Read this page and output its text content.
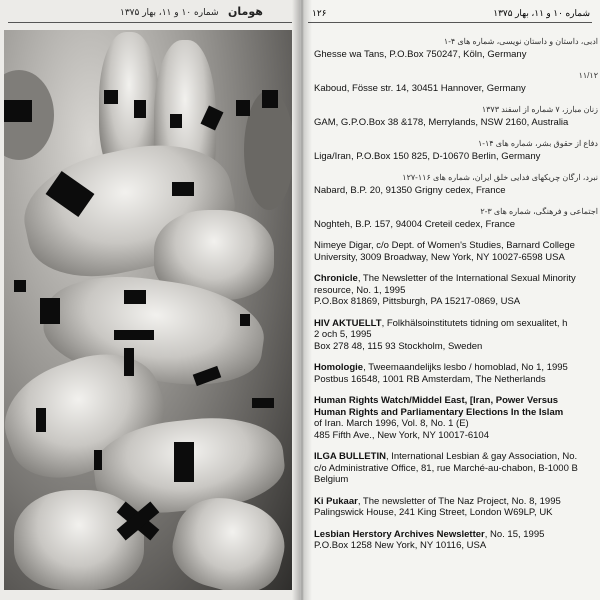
هومان
شماره ۱۰ و ۱۱، بهار ۱۳۷۵	۱۲۶	شماره ۱۰ و ۱۱، بهار ۱۳۷۵
ادبی، داستان و داستان نویسی، شماره های ۴-۱
Ghesse wa Tans, P.O.Box 750247, Köln, Germany
۱۱/۱۲
Kaboud, Fösse str. 14, 30451 Hannover, Germany
زنان مبارز، ۷ شماره از اسفند ۱۳۷۳
GAM, G.P.O.Box 38 &178, Merrylands, NSW 2160, Australia
دفاع از حقوق بشر، شماره های ۱۴-۱
Liga/Iran, P.O.Box 150 825, D-10670 Berlin, Germany
نبرد، ارگان چریکهای فدایی خلق ایران، شماره های ۱۱۶-۱۲۷
Nabard, B.P. 20, 91350 Grigny cedex, France
اجتماعی و فرهنگی، شماره های ۳-۲
Noghteh, B.P. 157, 94004 Creteil cedex, France
Nimeye Digar, c/o Dept. of Women's Studies, Barnard College
University, 3009 Broadway, New York, NY 10027-6598 USA
Chronicle, The Newsletter of the International Sexual Minority
resource, No. 1, 1995
P.O.Box 81869, Pittsburgh, PA 15217-0869, USA
HIV AKTUELLT, Folkhälsoinstitutets tidning om sexualitet, h
2 och 5, 1995
Box 278 48, 115 93 Stockholm, Sweden
Homologie, Tweemaandelijks lesbo / homoblad, No 1, 1995
Postbus 16548, 1001 RB Amsterdam, The Netherlands
Human Rights Watch/Middel East, [Iran, Power Versus
Human Rights and Parliamentary Elections In the Islam
of Iran. March 1996, Vol. 8, No. 1 (E)
485 Fifth Ave., New York, NY 10017-6104
ILGA BULLETIN, International Lesbian & gay Association, No.
c/o Administrative Office, 81, rue Marché-au-chabon, B-1000 B
Belgium
Ki Pukaar, The newsletter of The Naz Project, No. 8, 1995
Palingswick House, 241 King Street, London W69LP, UK
Lesbian Herstory Archives Newsletter, No. 15, 1995
P.O.Box 1258 New York, NY 10116, USA
